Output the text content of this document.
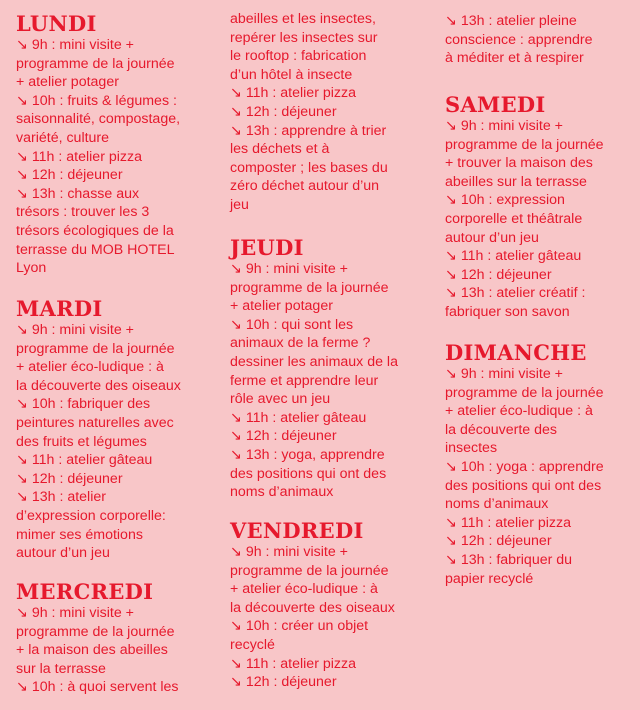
LUNDI
↘ 9h : mini visite +
programme de la journée
+ atelier potager
↘ 10h : fruits & légumes :
saisonnalité, compostage,
variété, culture
↘ 11h : atelier pizza
↘ 12h : déjeuner
↘ 13h : chasse aux
trésors : trouver les 3
trésors écologiques de la
terrasse du MOB HOTEL
Lyon
MARDI
↘ 9h : mini visite +
programme de la journée
+ atelier éco-ludique : à
la découverte des oiseaux
↘ 10h : fabriquer des
peintures naturelles avec
des fruits et légumes
↘ 11h : atelier gâteau
↘ 12h : déjeuner
↘ 13h : atelier
d’expression corporelle:
mimer ses émotions
autour d’un jeu
MERCREDI
↘ 9h : mini visite +
programme de la journée
+ la maison des abeilles
sur la terrasse
↘ 10h : à quoi servent les
abeilles et les insectes,
repérer les insectes sur
le rooftop : fabrication
d’un hôtel à insecte
↘ 11h : atelier pizza
↘ 12h : déjeuner
↘ 13h : apprendre à trier
les déchets et à
composter ; les bases du
zéro déchet autour d’un
jeu
JEUDI
↘ 9h : mini visite +
programme de la journée
+ atelier potager
↘ 10h : qui sont les
animaux de la ferme ?
dessiner les animaux de la
ferme et apprendre leur
rôle avec un jeu
↘ 11h : atelier gâteau
↘ 12h : déjeuner
↘ 13h : yoga, apprendre
des positions qui ont des
noms d’animaux
VENDREDI
↘ 9h : mini visite +
programme de la journée
+ atelier éco-ludique : à
la découverte des oiseaux
↘ 10h : créer un objet
recyclé
↘ 11h : atelier pizza
↘ 12h : déjeuner
↘ 13h : atelier pleine
conscience : apprendre
à méditer et à respirer
SAMEDI
↘ 9h : mini visite +
programme de la journée
+ trouver la maison des
abeilles sur la terrasse
↘ 10h : expression
corporelle et théâtrale
autour d’un jeu
↘ 11h : atelier gâteau
↘ 12h : déjeuner
↘ 13h : atelier créatif :
fabriquer son savon
DIMANCHE
↘ 9h : mini visite +
programme de la journée
+ atelier éco-ludique : à
la découverte des
insectes
↘ 10h : yoga : apprendre
des positions qui ont des
noms d’animaux
↘ 11h : atelier pizza
↘ 12h : déjeuner
↘ 13h : fabriquer du
papier recyclé
